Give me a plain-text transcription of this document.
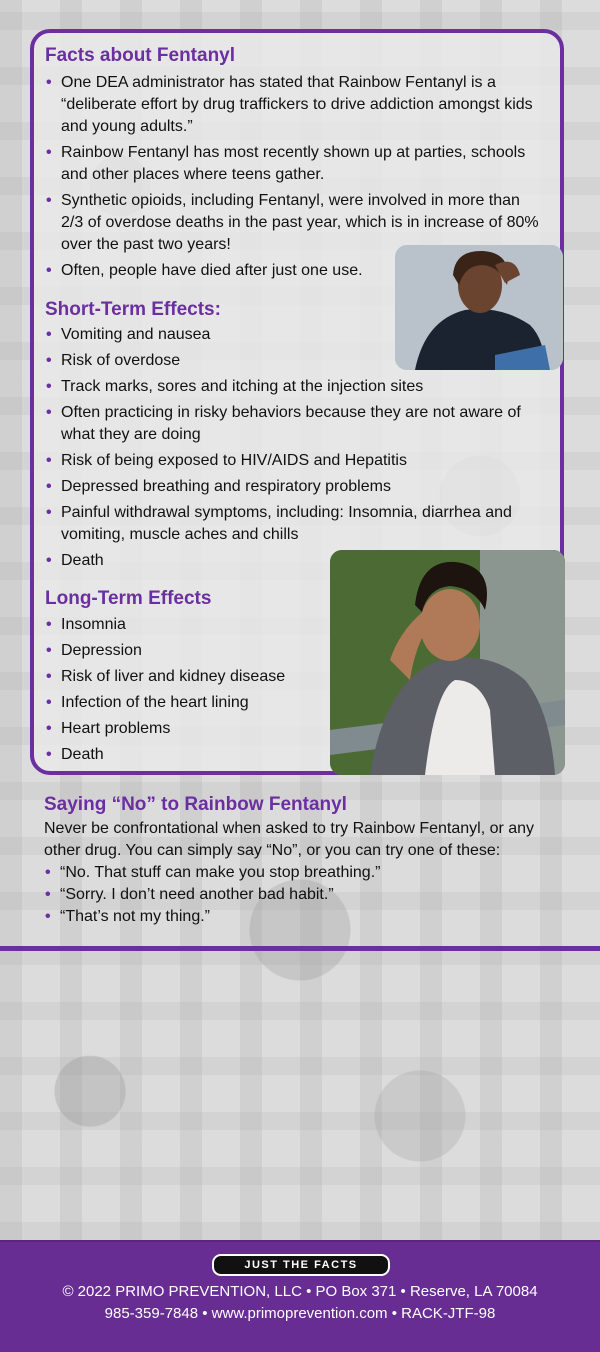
Facts about Fentanyl
• One DEA administrator has stated that Rainbow Fentanyl is a “deliberate effort by drug traffickers to drive addiction amongst kids and young adults.”
• Rainbow Fentanyl has most recently shown up at parties, schools and other places where teens gather.
• Synthetic opioids, including Fentanyl, were involved in more than 2/3 of overdose deaths in the past year, which is in increase of 80% over the past two years!
• Often, people have died after just one use.
Short-Term Effects:
• Vomiting and nausea
• Risk of overdose
• Track marks, sores and itching at the injection sites
• Often practicing in risky behaviors because they are not aware of what they are doing
• Risk of being exposed to HIV/AIDS and Hepatitis
• Depressed breathing and respiratory problems
• Painful withdrawal symptoms, including: Insomnia, diarrhea and vomiting, muscle aches and chills
• Death
Long-Term Effects
• Insomnia
• Depression
• Risk of liver and kidney disease
• Infection of the heart lining
• Heart problems
• Death
Saying “No” to Rainbow Fentanyl

Never be confrontational when asked to try Rainbow Fentanyl, or any other drug. You can simply say “No”, or you can try one of these:

• “No. That stuff can make you stop breathing.”
• “Sorry. I don’t need another bad habit.”
• “That’s not my thing.”
JUST THE FACTS
© 2022 PRIMO PREVENTION, LLC • PO Box 371 • Reserve, LA 70084
985-359-7848 • www.primoprevention.com • RACK-JTF-98
